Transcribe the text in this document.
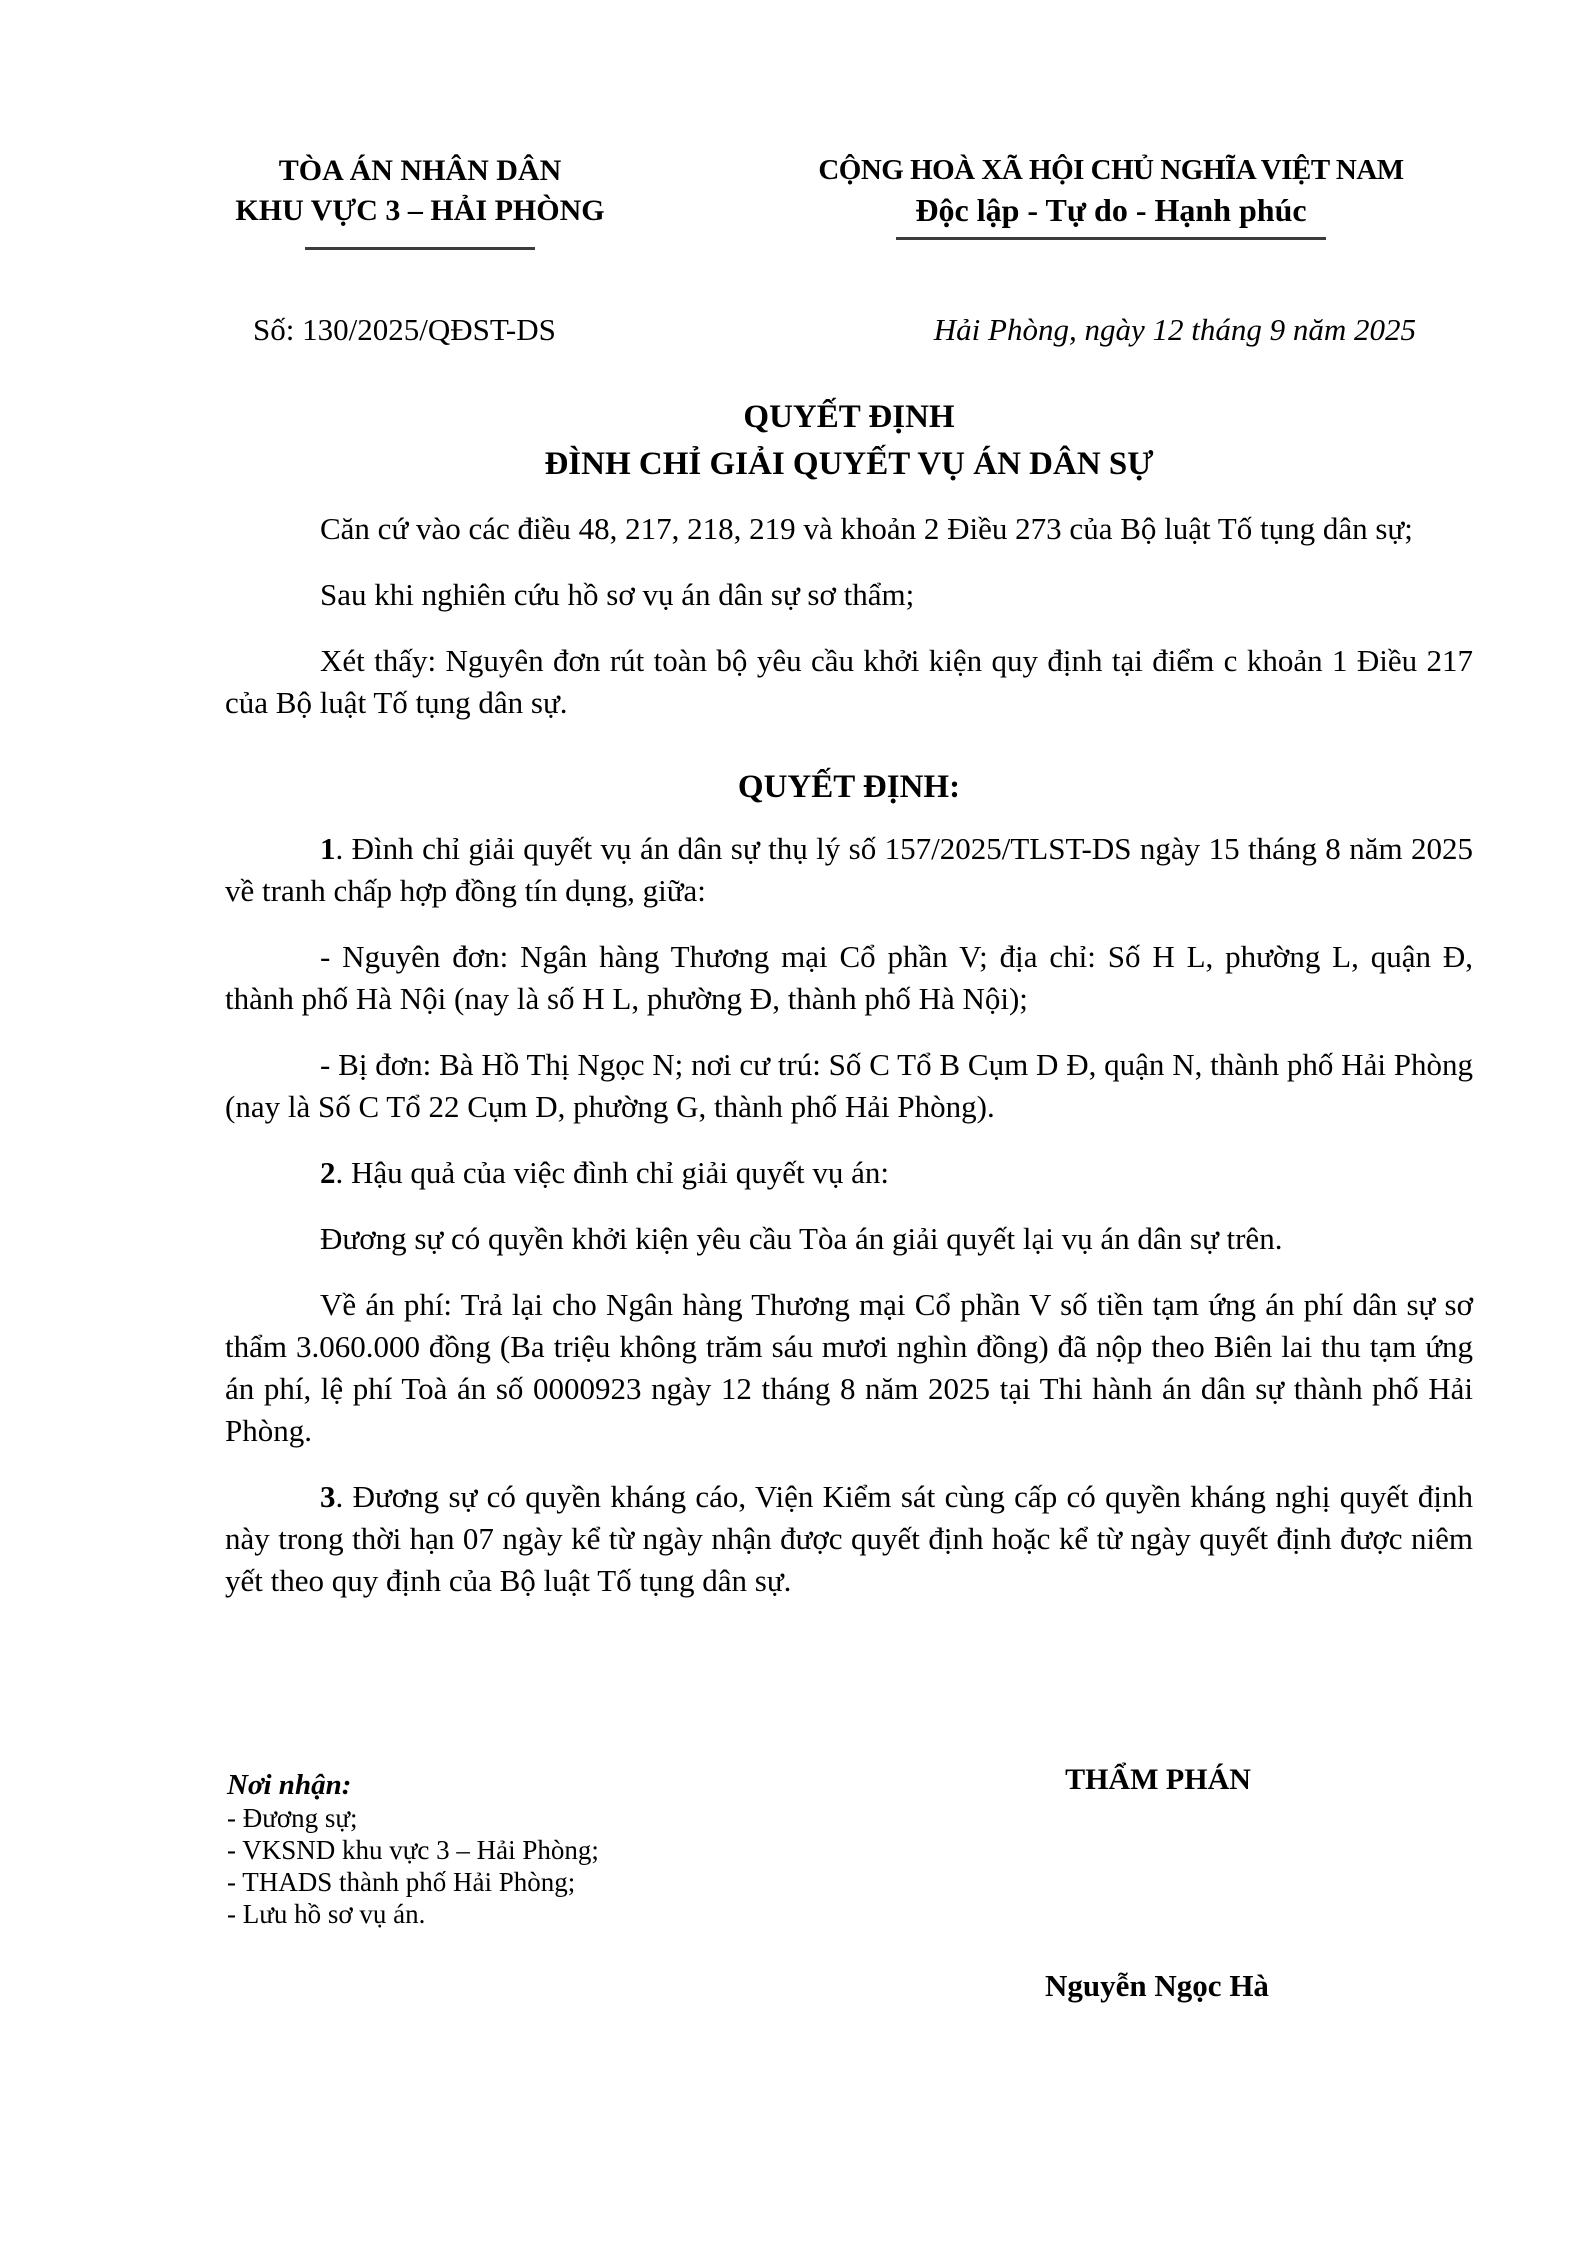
TÒA ÁN NHÂN DÂN
KHU VỰC 3 – HẢI PHÒNG
CỘNG HOÀ XÃ HỘI CHỦ NGHĨA VIỆT NAM
Độc lập - Tự do - Hạnh phúc
Số: 130/2025/QĐST-DS	Hải Phòng, ngày 12 tháng 9 năm 2025
QUYẾT ĐỊNH
ĐÌNH CHỈ GIẢI QUYẾT VỤ ÁN DÂN SỰ

Căn cứ vào các điều 48, 217, 218, 219 và khoản 2 Điều 273 của Bộ luật Tố tụng dân sự;

Sau khi nghiên cứu hồ sơ vụ án dân sự sơ thẩm;

Xét thấy: Nguyên đơn rút toàn bộ yêu cầu khởi kiện quy định tại điểm c khoản 1 Điều 217 của Bộ luật Tố tụng dân sự.

QUYẾT ĐỊNH:

1. Đình chỉ giải quyết vụ án dân sự thụ lý số 157/2025/TLST-DS ngày 15 tháng 8 năm 2025 về tranh chấp hợp đồng tín dụng, giữa:

- Nguyên đơn: Ngân hàng Thương mại Cổ phần V; địa chỉ: Số H L, phường L, quận Đ, thành phố Hà Nội (nay là số H L, phường Đ, thành phố Hà Nội);

- Bị đơn: Bà Hồ Thị Ngọc N; nơi cư trú: Số C Tổ B Cụm D Đ, quận N, thành phố Hải Phòng (nay là Số C Tổ 22 Cụm D, phường G, thành phố Hải Phòng).

2. Hậu quả của việc đình chỉ giải quyết vụ án:

Đương sự có quyền khởi kiện yêu cầu Tòa án giải quyết lại vụ án dân sự trên.

Về án phí: Trả lại cho Ngân hàng Thương mại Cổ phần V số tiền tạm ứng án phí dân sự sơ thẩm 3.060.000 đồng (Ba triệu không trăm sáu mươi nghìn đồng) đã nộp theo Biên lai thu tạm ứng án phí, lệ phí Toà án số 0000923 ngày 12 tháng 8 năm 2025 tại Thi hành án dân sự thành phố Hải Phòng.

3. Đương sự có quyền kháng cáo, Viện Kiểm sát cùng cấp có quyền kháng nghị quyết định này trong thời hạn 07 ngày kể từ ngày nhận được quyết định hoặc kể từ ngày quyết định được niêm yết theo quy định của Bộ luật Tố tụng dân sự.

Nơi nhận:
- Đương sự;
- VKSND khu vực 3 – Hải Phòng;
- THADS thành phố Hải Phòng;
- Lưu hồ sơ vụ án.
THẨM PHÁN
Nguyễn Ngọc Hà
